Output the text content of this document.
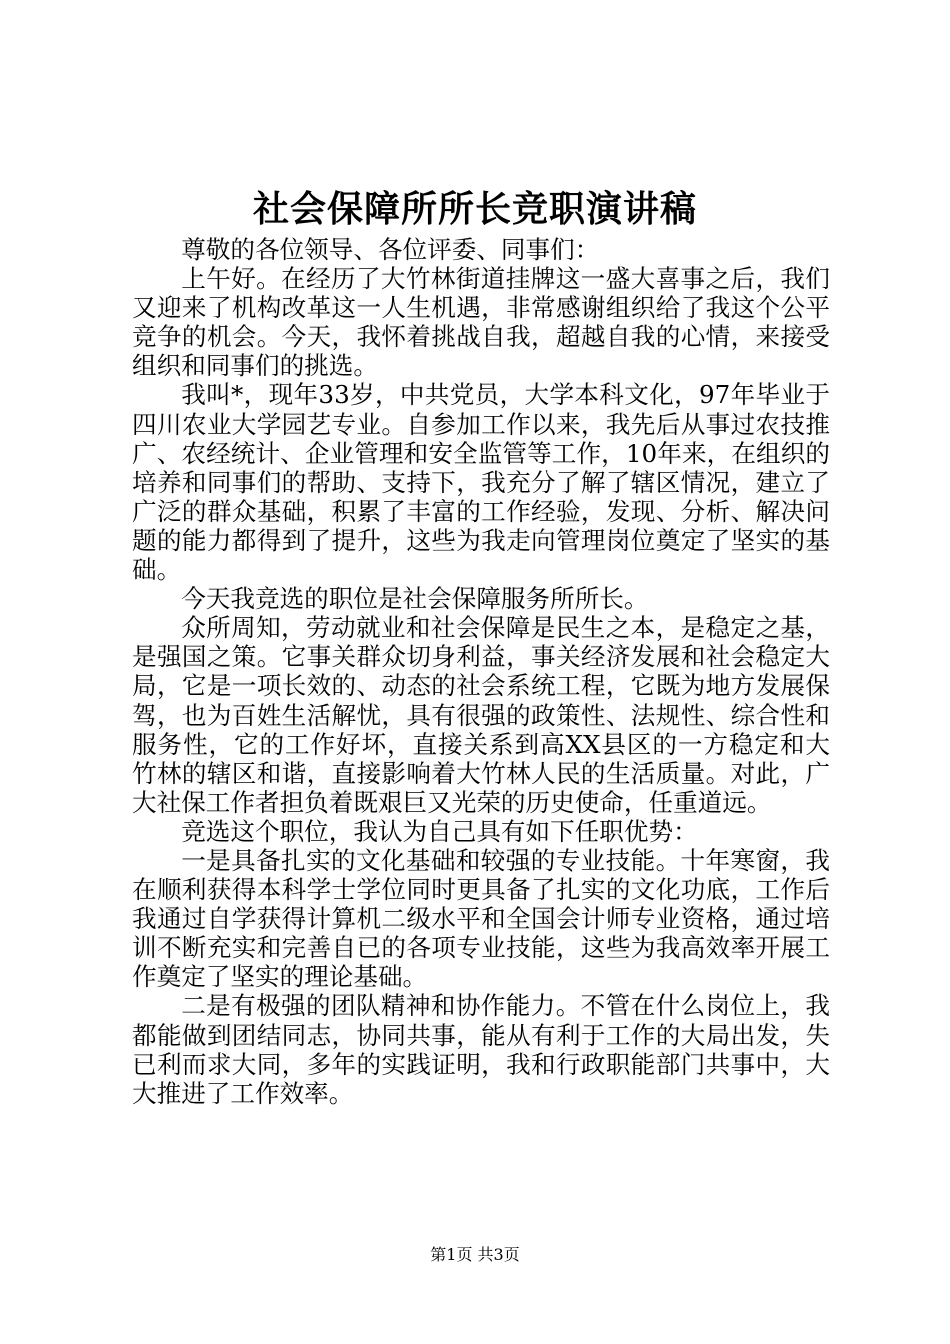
社会保障所所长竞职演讲稿

尊敬的各位领导、各位评委、同事们：

上午好。在经历了大竹林街道挂牌这一盛大喜事之后，我们又迎来了机构改革这一人生机遇，非常感谢组织给了我这个公平竞争的机会。今天，我怀着挑战自我，超越自我的心情，来接受组织和同事们的挑选。

我叫*，现年33岁，中共党员，大学本科文化，97年毕业于四川农业大学园艺专业。自参加工作以来，我先后从事过农技推广、农经统计、企业管理和安全监管等工作，10年来，在组织的培养和同事们的帮助、支持下，我充分了解了辖区情况，建立了广泛的群众基础，积累了丰富的工作经验，发现、分析、解决问题的能力都得到了提升，这些为我走向管理岗位奠定了坚实的基础。

今天我竞选的职位是社会保障服务所所长。

众所周知，劳动就业和社会保障是民生之本，是稳定之基，是强国之策。它事关群众切身利益，事关经济发展和社会稳定大局，它是一项长效的、动态的社会系统工程，它既为地方发展保驾，也为百姓生活解忧，具有很强的政策性、法规性、综合性和服务性，它的工作好坏，直接关系到高XX县区的一方稳定和大竹林的辖区和谐，直接影响着大竹林人民的生活质量。对此，广大社保工作者担负着既艰巨又光荣的历史使命，任重道远。

竞选这个职位，我认为自己具有如下任职优势：

一是具备扎实的文化基础和较强的专业技能。十年寒窗，我在顺利获得本科学士学位同时更具备了扎实的文化功底，工作后我通过自学获得计算机二级水平和全国会计师专业资格，通过培训不断充实和完善自已的各项专业技能，这些为我高效率开展工作奠定了坚实的理论基础。

二是有极强的团队精神和协作能力。不管在什么岗位上，我都能做到团结同志，协同共事，能从有利于工作的大局出发，失已利而求大同，多年的实践证明，我和行政职能部门共事中，大大推进了工作效率。

第1页 共3页
